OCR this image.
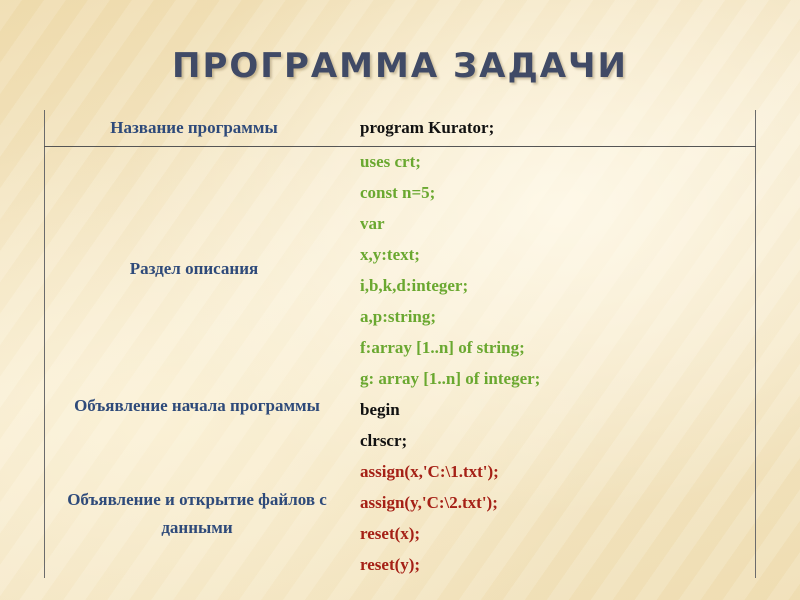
ПРОГРАММА ЗАДАЧИ
Название программы	program Kurator;
Раздел описания
Объявление начала программы
Объявление и открытие файлов с данными
uses crt;
const n=5;
var
x,y:text;
i,b,k,d:integer;
a,p:string;
f:array [1..n] of string;
g: array [1..n] of integer;
begin
clrscr;
assign(x,'C:\1.txt');
assign(y,'C:\2.txt');
reset(x);
reset(y);
